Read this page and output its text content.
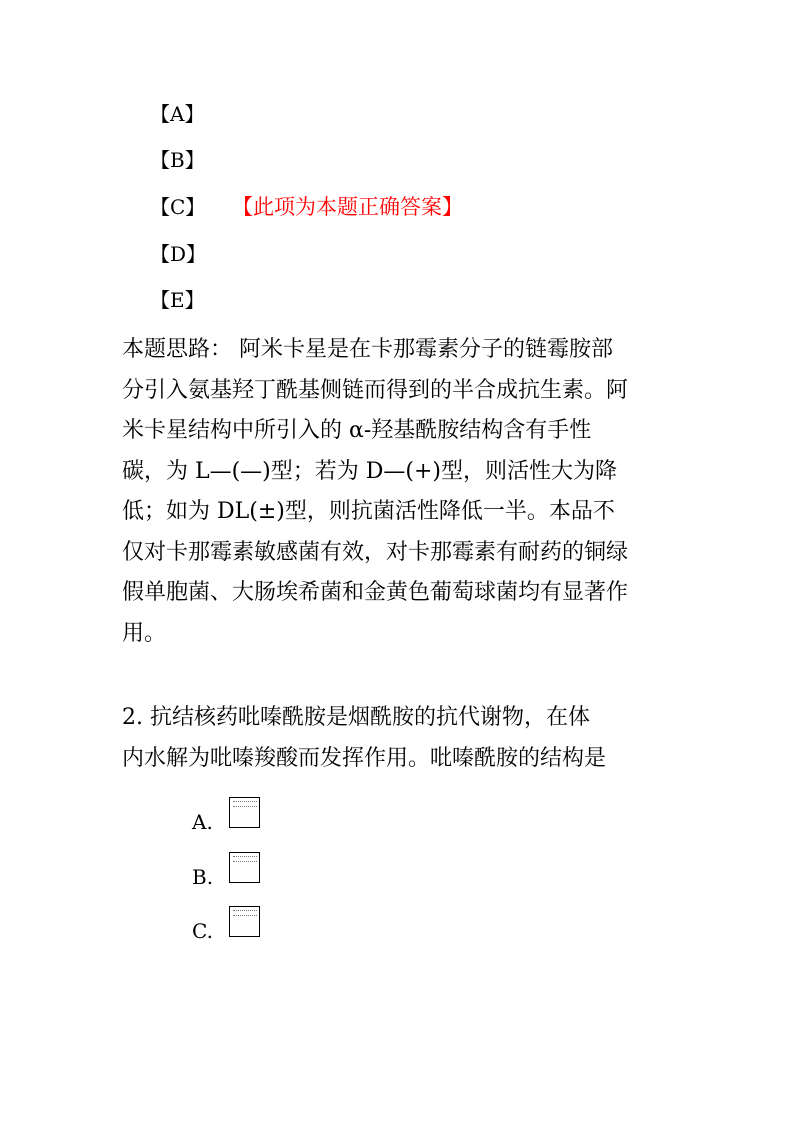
【A】
【B】
【C】 【此项为本题正确答案】
【D】
【E】
本题思路： 阿米卡星是在卡那霉素分子的链霉胺部
分引入氨基羟丁酰基侧链而得到的半合成抗生素。阿
米卡星结构中所引入的 α-羟基酰胺结构含有手性
碳，为 L—(—)型；若为 D—(+)型，则活性大为降
低；如为 DL(±)型，则抗菌活性降低一半。本品不
仅对卡那霉素敏感菌有效，对卡那霉素有耐药的铜绿
假单胞菌、大肠埃希菌和金黄色葡萄球菌均有显著作
用。
2. 抗结核药吡嗪酰胺是烟酰胺的抗代谢物，在体
内水解为吡嗪羧酸而发挥作用。吡嗪酰胺的结构是
A.
B.
C.
